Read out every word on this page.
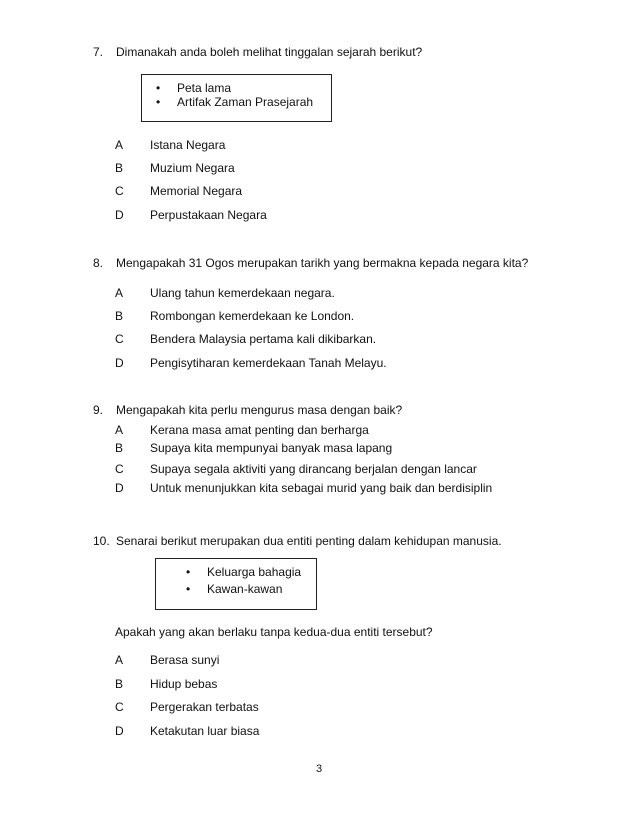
7. Dimanakah anda boleh melihat tinggalan sejarah berikut?
• Peta lama
• Artifak Zaman Prasejarah
A Istana Negara
B Muzium Negara
C Memorial Negara
D Perpustakaan Negara
8. Mengapakah 31 Ogos merupakan tarikh yang bermakna kepada negara kita?
A Ulang tahun kemerdekaan negara.
B Rombongan kemerdekaan ke London.
C Bendera Malaysia pertama kali dikibarkan.
D Pengisytiharan kemerdekaan Tanah Melayu.
9. Mengapakah kita perlu mengurus masa dengan baik?
A Kerana masa amat penting dan berharga
B Supaya kita mempunyai banyak masa lapang
C Supaya segala aktiviti yang dirancang berjalan dengan lancar
D Untuk menunjukkan kita sebagai murid yang baik dan berdisiplin
10. Senarai berikut merupakan dua entiti penting dalam kehidupan manusia.
• Keluarga bahagia
• Kawan-kawan
Apakah yang akan berlaku tanpa kedua-dua entiti tersebut?
A Berasa sunyi
B Hidup bebas
C Pergerakan terbatas
D Ketakutan luar biasa
3
